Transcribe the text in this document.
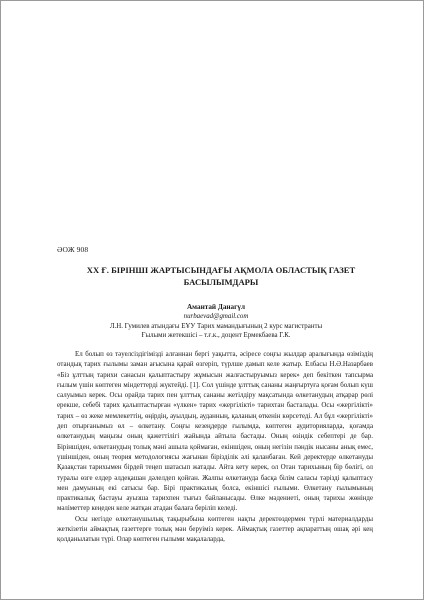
ӘОЖ 908
XX Ғ. БІРІНШІ ЖАРТЫСЫНДАҒЫ АҚМОЛА ОБЛАСТЫҚ ГАЗЕТ БАСЫЛЫМДАРЫ
Амантай Данагүл
nurbaevad@gmail.com
Л.Н. Гумилев атындағы ЕҰУ Тарих мамандығының 2 курс магистранты
Ғылыми жетекшісі – т.ғ.к., доцент Ермекбаева Г.К.

Ел болып өз тәуелсіздігімізді алғаннан бергі уақытта, әсіресе соңғы жылдар аралығында өзіміздің отандық тарих ғылымы заман ағысына қарай өзгеріп, түрлше дамып келе жатыр. Елбасы Н.Ә.Назарбаев «Біз ұлттың тарихи санасын қалыптастыру жұмысын жалғастыруымыз керек» деп бекіткен тапсырма ғылым үшін көптеген міндеттерді жүктейді. [1]. Сол үшінде ұлттық сананы жаңғыртуға қоғам болып күш салуымыз керек. Осы орайда тарих пен ұлттық сананы жетілдіру мақсатында өлкетанудың атқарар рөлі ерекше, себебі тарих қалыптастырған «үлкен» тарих «жергілікті» тарихтан басталады. Осы «жергілікті» тарих – өз жеке мемлекеттің, өңірдің, ауылдың, ауданның, қаланың өткенін көрсетеді. Ал бұл «жергілікті» деп отырғанымыз өл – өлкетану. Соңғы кезеңдерде ғылымда, көптеген аудиторияларда, қоғамда өлкетанудың маңызы оның қажеттілігі жайында айтыла бастады. Оның өзіндік себептері де бар. Біріншіден, өлкетанудың толық мәні ашыла қоймаған, екіншіден, оның негізін пәндік нысаны анық емес, үшіншіден, оның теория методологиясы жағынан бірізділік әлі қаланбаған. Кей деректерде өлкетануды Қазақстан тарихымен бірдей теңеп шатасып жатады. Айта кету керек, ол Отан тарихының бір бөлігі, ол туралы өзге елдер әлдеқашан дәлелдеп қойған. Жалпы өлкетануда басқа білім салаcы тәрізді қалыптасу мен дамуының екі сатысы бар. Бірі практикалық болса, екіншісі ғылыми. Өлкетану ғылымының практикалық бастауы ауызша тарихпен тығыз байланысады. Өлке мәдениеті, оның тарихы жөнінде мәліметтер кеңеден келе жатқан атадан балаға беріліп келеді.

Осы негізде өлкетанушылық тақырыбына көптеген нақты деректөздермен түрлі материалдарды жеткізетін аймақтық газеттерге толық мән беруіміз керек. Аймақтық газеттер ақпараттың ошақ әрі кең қолданылатын түрі. Олар көптеген ғылыми мақалаларда,
